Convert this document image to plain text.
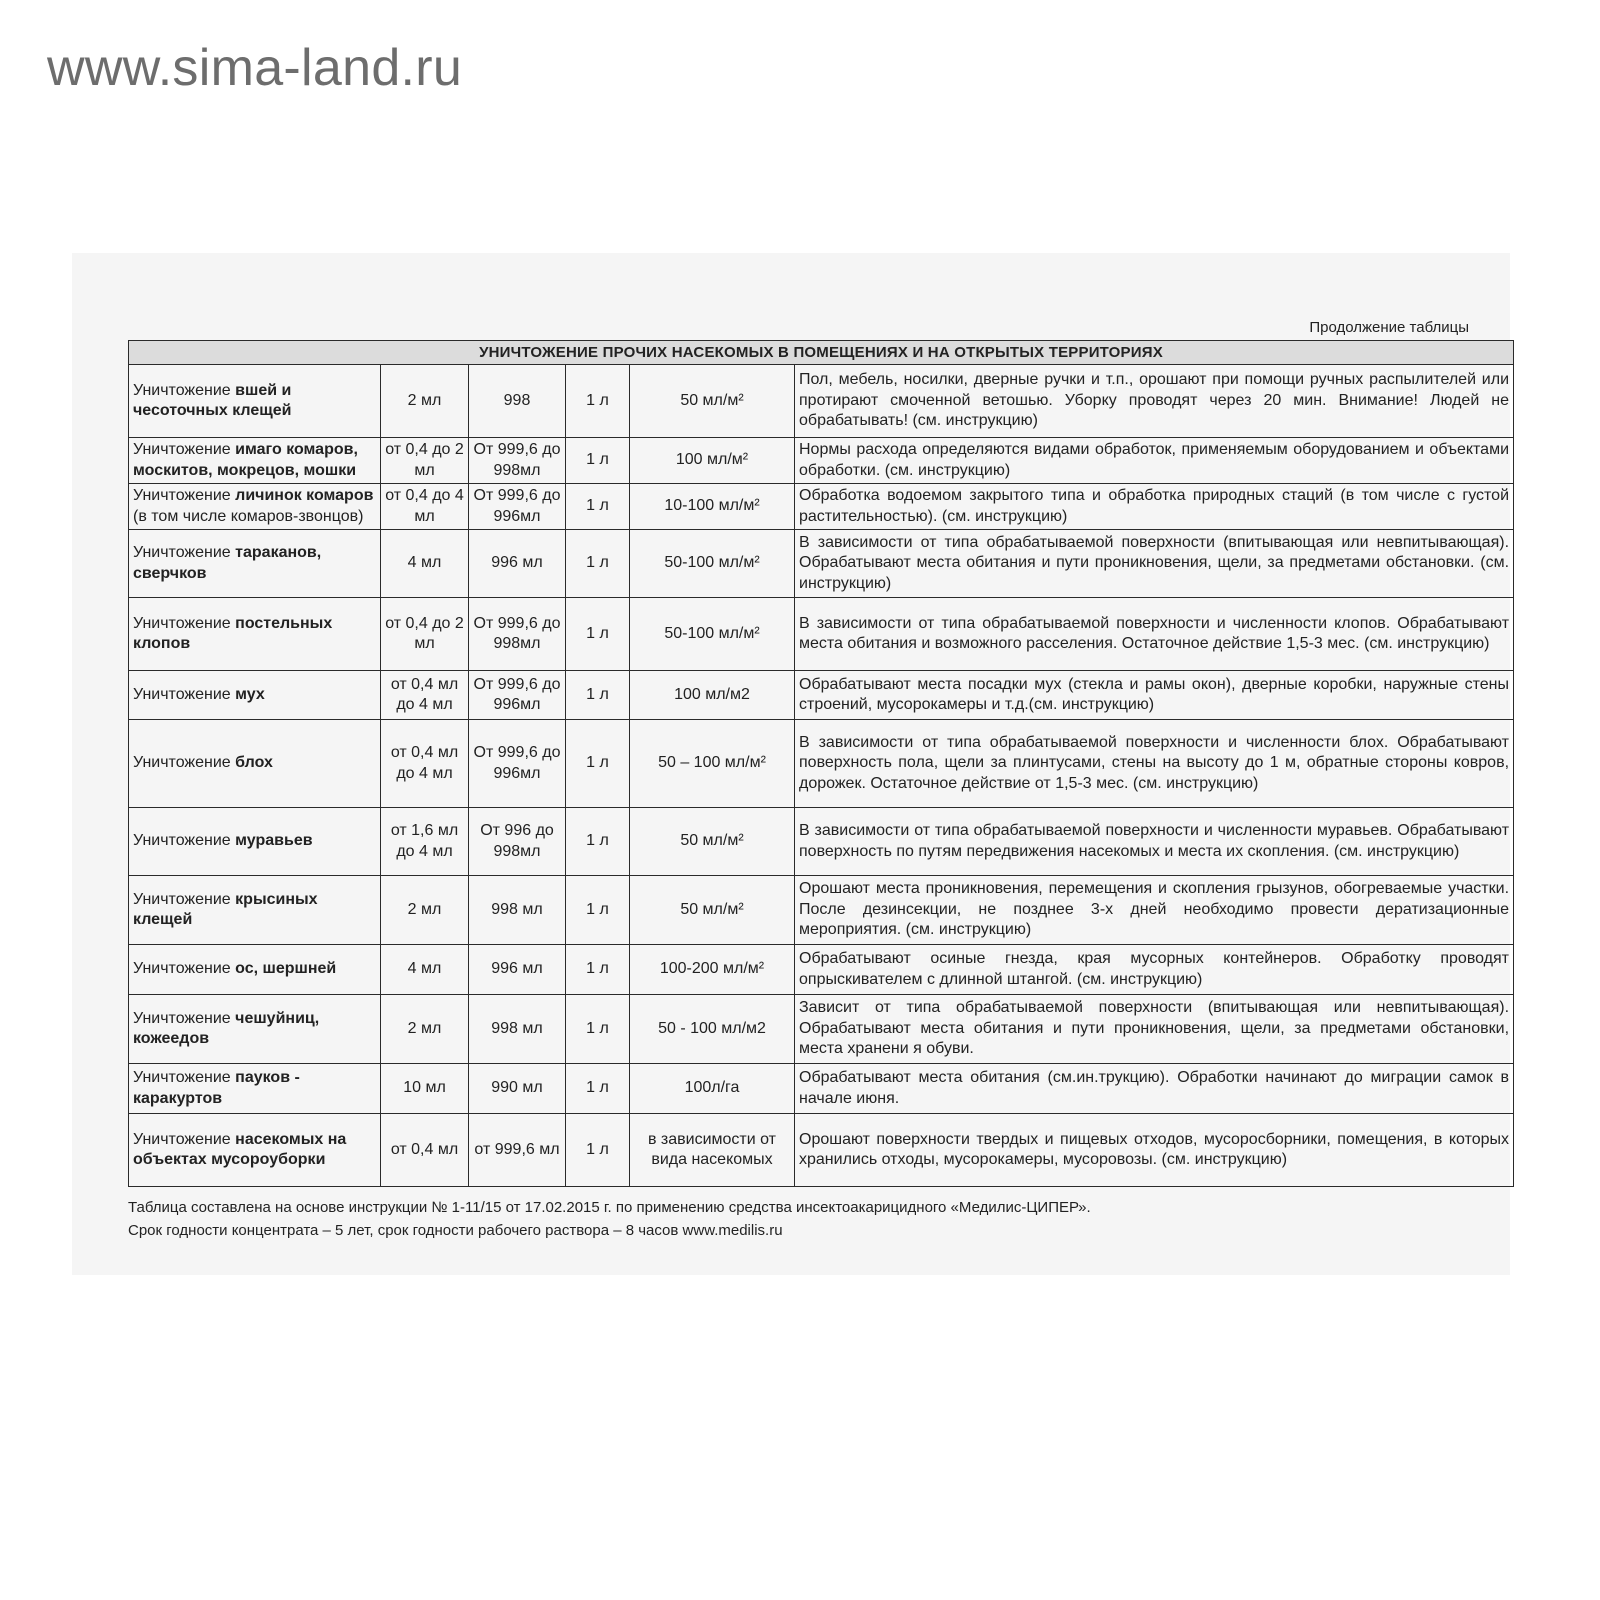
www.sima-land.ru
Продолжение таблицы
УНИЧТОЖЕНИЕ ПРОЧИХ НАСЕКОМЫХ В ПОМЕЩЕНИЯХ И НА ОТКРЫТЫХ ТЕРРИТОРИЯХ					
Уничтожение вшей и
чесоточных клещей	2 мл	998	1 л	50 мл/м²	Пол, мебель, носилки, дверные ручки и т.п., орошают при помощи ручных распылителей или протирают смоченной ветошью. Уборку проводят через 20 мин. Внимание! Людей не обрабатывать! (см. инструкцию)
Уничтожение имаго комаров,
москитов, мокрецов, мошки	от 0,4 до 2 мл	От 999,6 до 998мл	1 л	100 мл/м²	Нормы расхода определяются видами обработок, применяемым оборудованием и объектами обработки. (см. инструкцию)
Уничтожение личинок комаров
(в том числе комаров-звонцов)	от 0,4 до 4 мл	От 999,6 до 996мл	1 л	10-100 мл/м²	Обработка водоемом закрытого типа и обработка природных стаций (в том числе с густой растительностью). (см. инструкцию)
Уничтожение тараканов,
сверчков	4 мл	996 мл	1 л	50-100 мл/м²	В зависимости от типа обрабатываемой поверхности (впитывающая или невпитывающая). Обрабатывают места обитания и пути проникновения, щели, за предметами обстановки. (см. инструкцию)
Уничтожение постельных
клопов	от 0,4 до 2 мл	От 999,6 до 998мл	1 л	50-100 мл/м²	В зависимости от типа обрабатываемой поверхности и численности клопов. Обрабатывают места обитания и возможного расселения. Остаточное действие 1,5-3 мес. (см. инструкцию)
Уничтожение мух	от 0,4 мл до 4 мл	От 999,6 до 996мл	1 л	100 мл/м2	Обрабатывают места посадки мух (стекла и рамы окон), дверные коробки, наружные стены строений, мусорокамеры и т.д.(см. инструкцию)
Уничтожение блох	от 0,4 мл до 4 мл	От 999,6 до 996мл	1 л	50 – 100 мл/м²	В зависимости от типа обрабатываемой поверхности и численности блох. Обрабатывают поверхность пола, щели за плинтусами, стены на высоту до 1 м, обратные стороны ковров, дорожек. Остаточное действие от 1,5-3 мес. (см. инструкцию)
Уничтожение муравьев	от 1,6 мл до 4 мл	От 996 до 998мл	1 л	50 мл/м²	В зависимости от типа обрабатываемой поверхности и численности муравьев. Обрабатывают поверхность по путям передвижения насекомых и места их скопления. (см. инструкцию)
Уничтожение крысиных
клещей	2 мл	998 мл	1 л	50 мл/м²	Орошают места проникновения, перемещения и скопления грызунов, обогреваемые участки. После дезинсекции, не позднее 3-х дней необходимо провести дератизационные мероприятия. (см. инструкцию)
Уничтожение ос, шершней	4 мл	996 мл	1 л	100-200 мл/м²	Обрабатывают осиные гнезда, края мусорных контейнеров. Обработку проводят опрыскивателем с длинной штангой. (см. инструкцию)
Уничтожение чешуйниц,
кожеедов	2 мл	998 мл	1 л	50 - 100 мл/м2	Зависит от типа обрабатываемой поверхности (впитывающая или невпитывающая). Обрабатывают места обитания и пути проникновения, щели, за предметами обстановки, места хранени я обуви.
Уничтожение пауков -
каракуртов	10 мл	990 мл	1 л	100л/га	Обрабатывают места обитания (см.ин.трукцию). Обработки начинают до миграции самок в начале июня.
Уничтожение насекомых на
объектах мусороуборки	от 0,4 мл	от 999,6 мл	1 л	в зависимости от вида насекомых	Орошают поверхности твердых и пищевых отходов, мусоросборники, помещения, в которых хранились отходы, мусорокамеры, мусоровозы. (см. инструкцию)
Таблица составлена на основе инструкции № 1-11/15 от 17.02.2015 г. по применению средства инсектоакарицидного «Медилис-ЦИПЕР».
Срок годности концентрата – 5 лет, срок годности рабочего раствора – 8 часов www.medilis.ru
